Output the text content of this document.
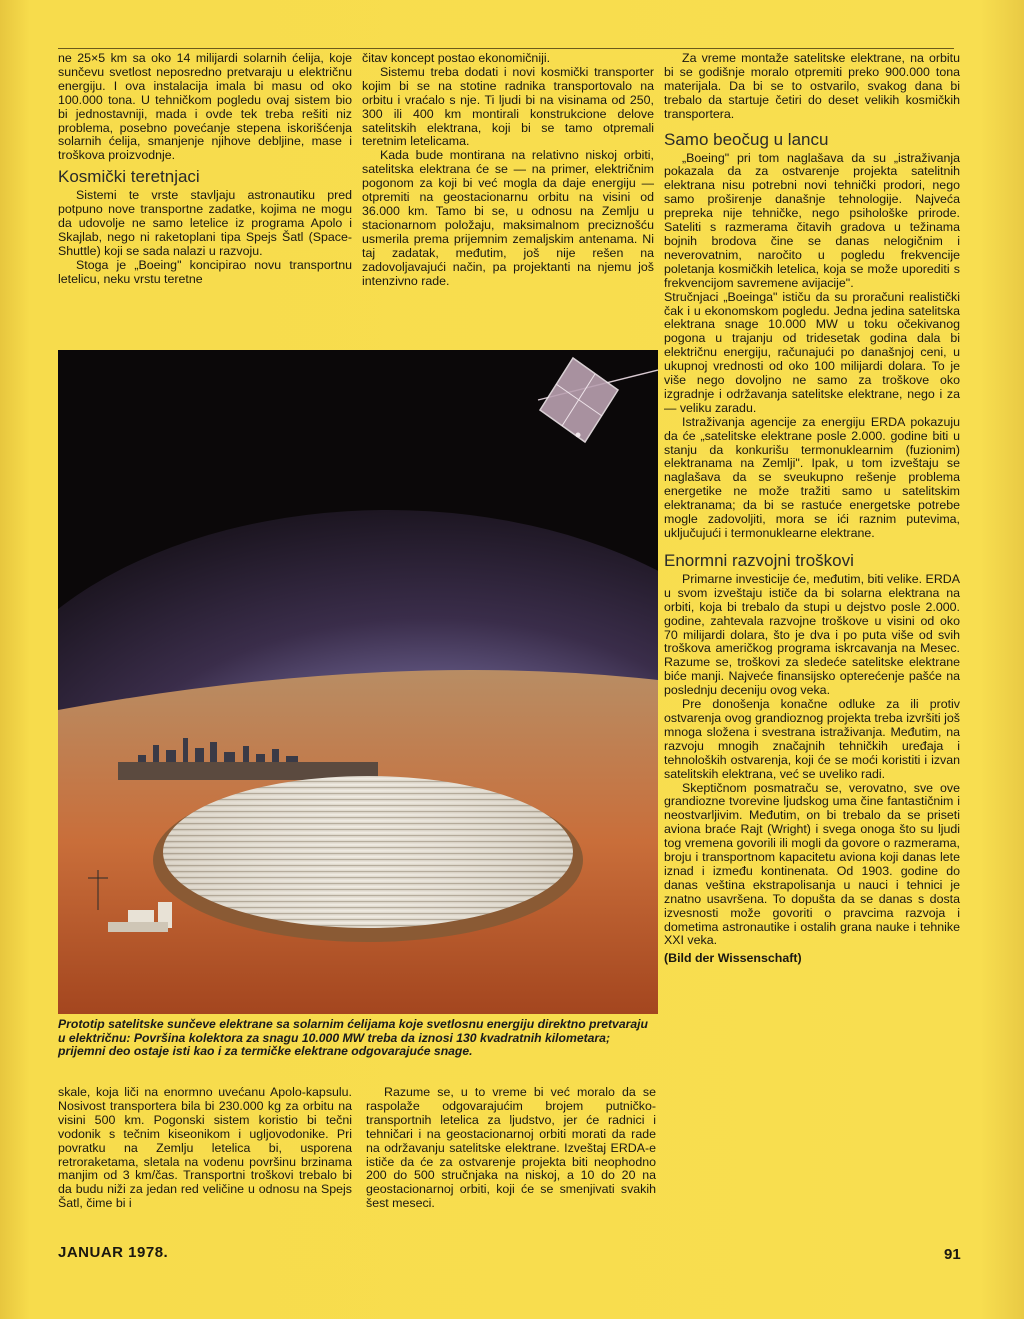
ne 25×5 km sa oko 14 milijardi solarnih ćelija, koje sunčevu svetlost neposredno pretvaraju u električnu energiju. I ova instalacija imala bi masu od oko 100.000 tona. U tehničkom pogledu ovaj sistem bio bi jednostavniji, mada i ovde tek treba rešiti niz problema, posebno povećanje stepena iskorišćenja solarnih ćelija, smanjenje njihove debljine, mase i troškova proizvodnje.

Kosmički teretnjaci

Sistemi te vrste stavljaju astronautiku pred potpuno nove transportne zadatke, kojima ne mogu da udovolje ne samo letelice iz programa Apolo i Skajlab, nego ni raketoplani tipa Spejs Šatl (Space-Shuttle) koji se sada nalazi u razvoju.

Stoga je „Boeing" koncipirao novu transportnu letelicu, neku vrstu teretne

čitav koncept postao ekonomičniji.

Sistemu treba dodati i novi kosmički transporter kojim bi se na stotine radnika transportovalo na orbitu i vraćalo s nje. Ti ljudi bi na visinama od 250, 300 ili 400 km montirali konstrukcione delove satelitskih elektrana, koji bi se tamo otpremali teretnim letelicama.

Kada bude montirana na relativno niskoj orbiti, satelitska elektrana će se — na primer, električnim pogonom za koji bi već mogla da daje energiju — otpremiti na geostacionarnu orbitu na visini od 36.000 km. Tamo bi se, u odnosu na Zemlju u stacionarnom položaju, maksimalnom preciznošću usmerila prema prijemnim zemaljskim antenama. Ni taj zadatak, međutim, još nije rešen na zadovoljavajući način, pa projektanti na njemu još intenzivno rade.

Za vreme montaže satelitske elektrane, na orbitu bi se godišnje moralo otpremiti preko 900.000 tona materijala. Da bi se to ostvarilo, svakog dana bi trebalo da startuje četiri do deset velikih kosmičkih transportera.

Samo beočug u lancu

„Boeing" pri tom naglašava da su „istraživanja pokazala da za ostvarenje projekta satelitnih elektrana nisu potrebni novi tehnički prodori, nego samo proširenje današnje tehnologije. Najveća prepreka nije tehničke, nego psihološke prirode. Sateliti s razmerama čitavih gradova u težinama bojnih brodova čine se danas nelogičnim i neverovatnim, naročito u pogledu frekvencije poletanja kosmičkih letelica, koja se može uporediti s frekvencijom savremene avijacije".

Stručnjaci „Boeinga" ističu da su proračuni realistički čak i u ekonomskom pogledu. Jedna jedina satelitska elektrana snage 10.000 MW u toku očekivanog pogona u trajanju od tridesetak godina dala bi električnu energiju, računajući po današnjoj ceni, u ukupnoj vrednosti od oko 100 milijardi dolara. To je više nego dovoljno ne samo za troškove oko izgradnje i održavanja satelitske elektrane, nego i za — veliku zaradu.

Istraživanja agencije za energiju ERDA pokazuju da će „satelitske elektrane posle 2.000. godine biti u stanju da konkurišu termonuklearnim (fuzionim) elektranama na Zemlji". Ipak, u tom izveštaju se naglašava da se sveukupno rešenje problema energetike ne može tražiti samo u satelitskim elektranama; da bi se rastuće energetske potrebe mogle zadovoljiti, mora se ići raznim putevima, uključujući i termonuklearne elektrane.

Enormni razvojni troškovi

Primarne investicije će, međutim, biti velike. ERDA u svom izveštaju ističe da bi solarna elektrana na orbiti, koja bi trebalo da stupi u dejstvo posle 2.000. godine, zahtevala razvojne troškove u visini od oko 70 milijardi dolara, što je dva i po puta više od svih troškova američkog programa iskrcavanja na Mesec. Razume se, troškovi za sledeće satelitske elektrane biće manji. Najveće finansijsko opterećenje pašće na poslednju deceniju ovog veka.

Pre donošenja konačne odluke za ili protiv ostvarenja ovog grandioznog projekta treba izvršiti još mnoga složena i svestrana istraživanja. Međutim, na razvoju mnogih značajnih tehničkih uređaja i tehnoloških ostvarenja, koji će se moći koristiti i izvan satelitskih elektrana, već se uveliko radi.

Skeptičnom posmatraču se, verovatno, sve ove grandiozne tvorevine ljudskog uma čine fantastičnim i neostvarljivim. Međutim, on bi trebalo da se priseti aviona braće Rajt (Wright) i svega onoga što su ljudi tog vremena govorili ili mogli da govore o razmerama, broju i transportnom kapacitetu aviona koji danas lete iznad i između kontinenata. Od 1903. godine do danas veština ekstrapolisanja u nauci i tehnici je znatno usavršena. To dopušta da se danas s dosta izvesnosti može govoriti o pravcima razvoja i dometima astronautike i ostalih grana nauke i tehnike XXI veka.

(Bild der Wissenschaft)

Prototip satelitske sunčeve elektrane sa solarnim ćelijama koje svetlosnu energiju direktno pretvaraju u električnu: Površina kolektora za snagu 10.000 MW treba da iznosi 130 kvadratnih kilometara; prijemni deo ostaje isti kao i za termičke elektrane odgovarajuće snage.

skale, koja liči na enormno uvećanu Apolo-kapsulu. Nosivost transportera bila bi 230.000 kg za orbitu na visini 500 km. Pogonski sistem koristio bi tečni vodonik s tečnim kiseonikom i ugljovodonike. Pri povratku na Zemlju letelica bi, usporena retroraketama, sletala na vodenu površinu brzinama manjim od 3 km/čas. Transportni troškovi trebalo bi da budu niži za jedan red veličine u odnosu na Spejs Šatl, čime bi i

Razume se, u to vreme bi već moralo da se raspolaže odgovarajućim brojem putničko-transportnih letelica za ljudstvo, jer će radnici i tehničari i na geostacionarnoj orbiti morati da rade na održavanju satelitske elektrane. Izveštaj ERDA-e ističe da će za ostvarenje projekta biti neophodno 200 do 500 stručnjaka na niskoj, a 10 do 20 na geostacionarnoj orbiti, koji će se smenjivati svakih šest meseci.

JANUAR 1978.	91
